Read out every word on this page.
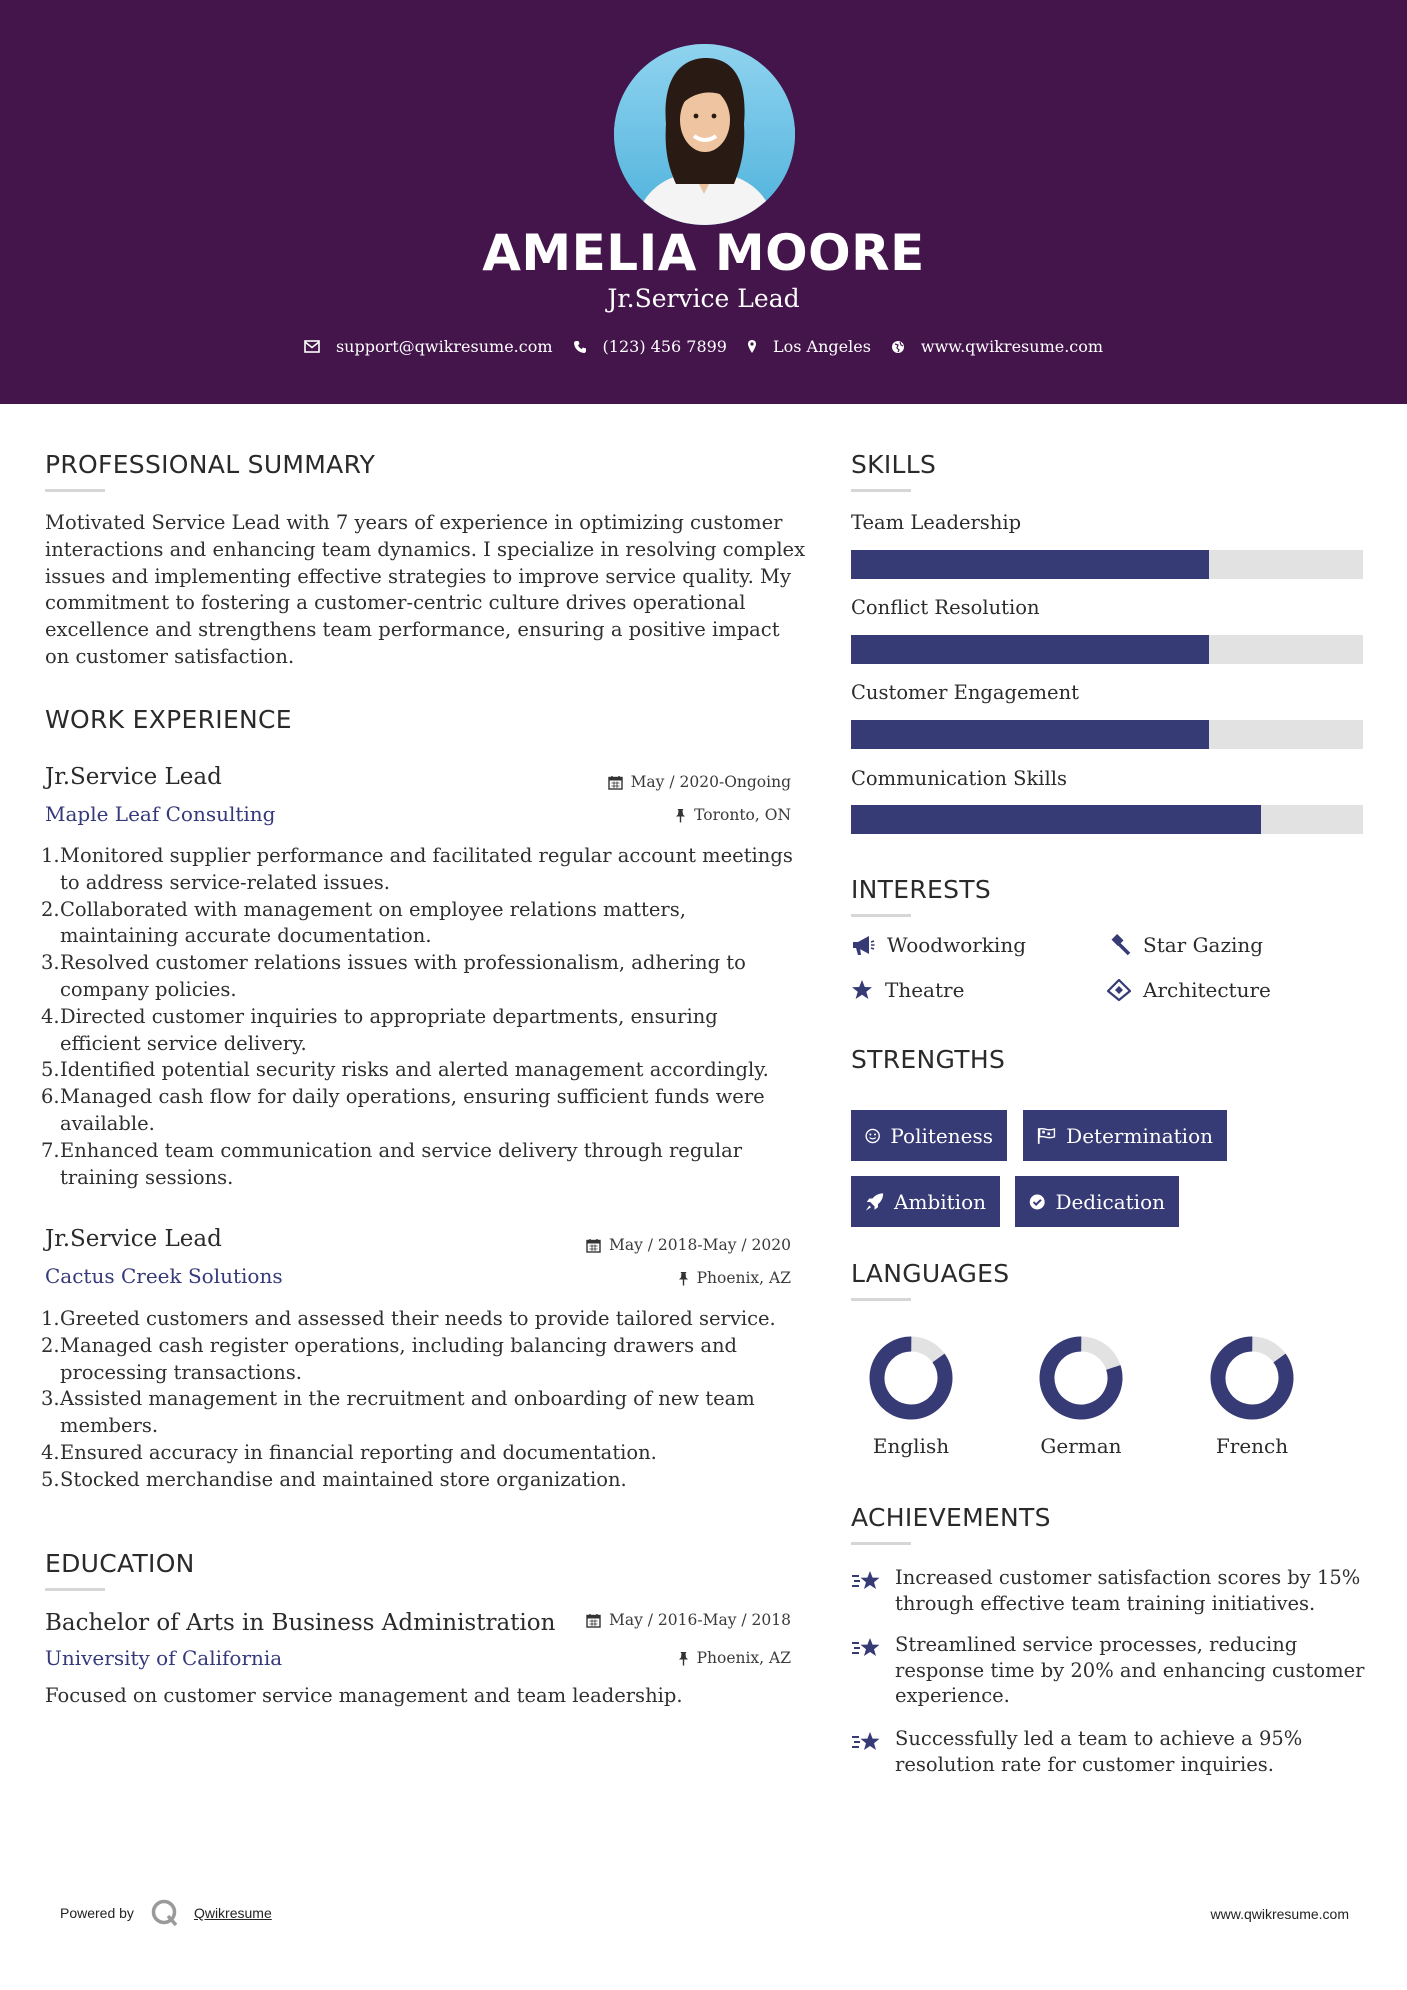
AMELIA MOORE
Jr.Service Lead
support@qwikresume.com	(123) 456 7899	Los Angeles	www.qwikresume.com
PROFESSIONAL SUMMARY
Motivated Service Lead with 7 years of experience in optimizing customer
interactions and enhancing team dynamics. I specialize in resolving complex
issues and implementing effective strategies to improve service quality. My
commitment to fostering a customer-centric culture drives operational
excellence and strengthens team performance, ensuring a positive impact
on customer satisfaction.
WORK EXPERIENCE
Jr.Service Lead	May / 2020-Ongoing
Maple Leaf Consulting	Toronto, ON
1. Monitored supplier performance and facilitated regular account meetings
to address service-related issues.
2. Collaborated with management on employee relations matters,
maintaining accurate documentation.
3. Resolved customer relations issues with professionalism, adhering to
company policies.
4. Directed customer inquiries to appropriate departments, ensuring
efficient service delivery.
5. Identified potential security risks and alerted management accordingly.
6. Managed cash flow for daily operations, ensuring sufficient funds were
available.
7. Enhanced team communication and service delivery through regular
training sessions.
Jr.Service Lead	May / 2018-May / 2020
Cactus Creek Solutions	Phoenix, AZ
1. Greeted customers and assessed their needs to provide tailored service.
2. Managed cash register operations, including balancing drawers and
processing transactions.
3. Assisted management in the recruitment and onboarding of new team
members.
4. Ensured accuracy in financial reporting and documentation.
5. Stocked merchandise and maintained store organization.
EDUCATION
Bachelor of Arts in Business Administration	May / 2016-May / 2018
University of California	Phoenix, AZ
Focused on customer service management and team leadership.
SKILLS
Team Leadership
Conflict Resolution
Customer Engagement
Communication Skills
INTERESTS
Woodworking	Star Gazing
Theatre	Architecture
STRENGTHS
Politeness	Determination
Ambition	Dedication
LANGUAGES
English	German	French
ACHIEVEMENTS
Increased customer satisfaction scores by 15%
through effective team training initiatives.
Streamlined service processes, reducing
response time by 20% and enhancing customer
experience.
Successfully led a team to achieve a 95%
resolution rate for customer inquiries.
Powered by	Qwikresume	www.qwikresume.com
